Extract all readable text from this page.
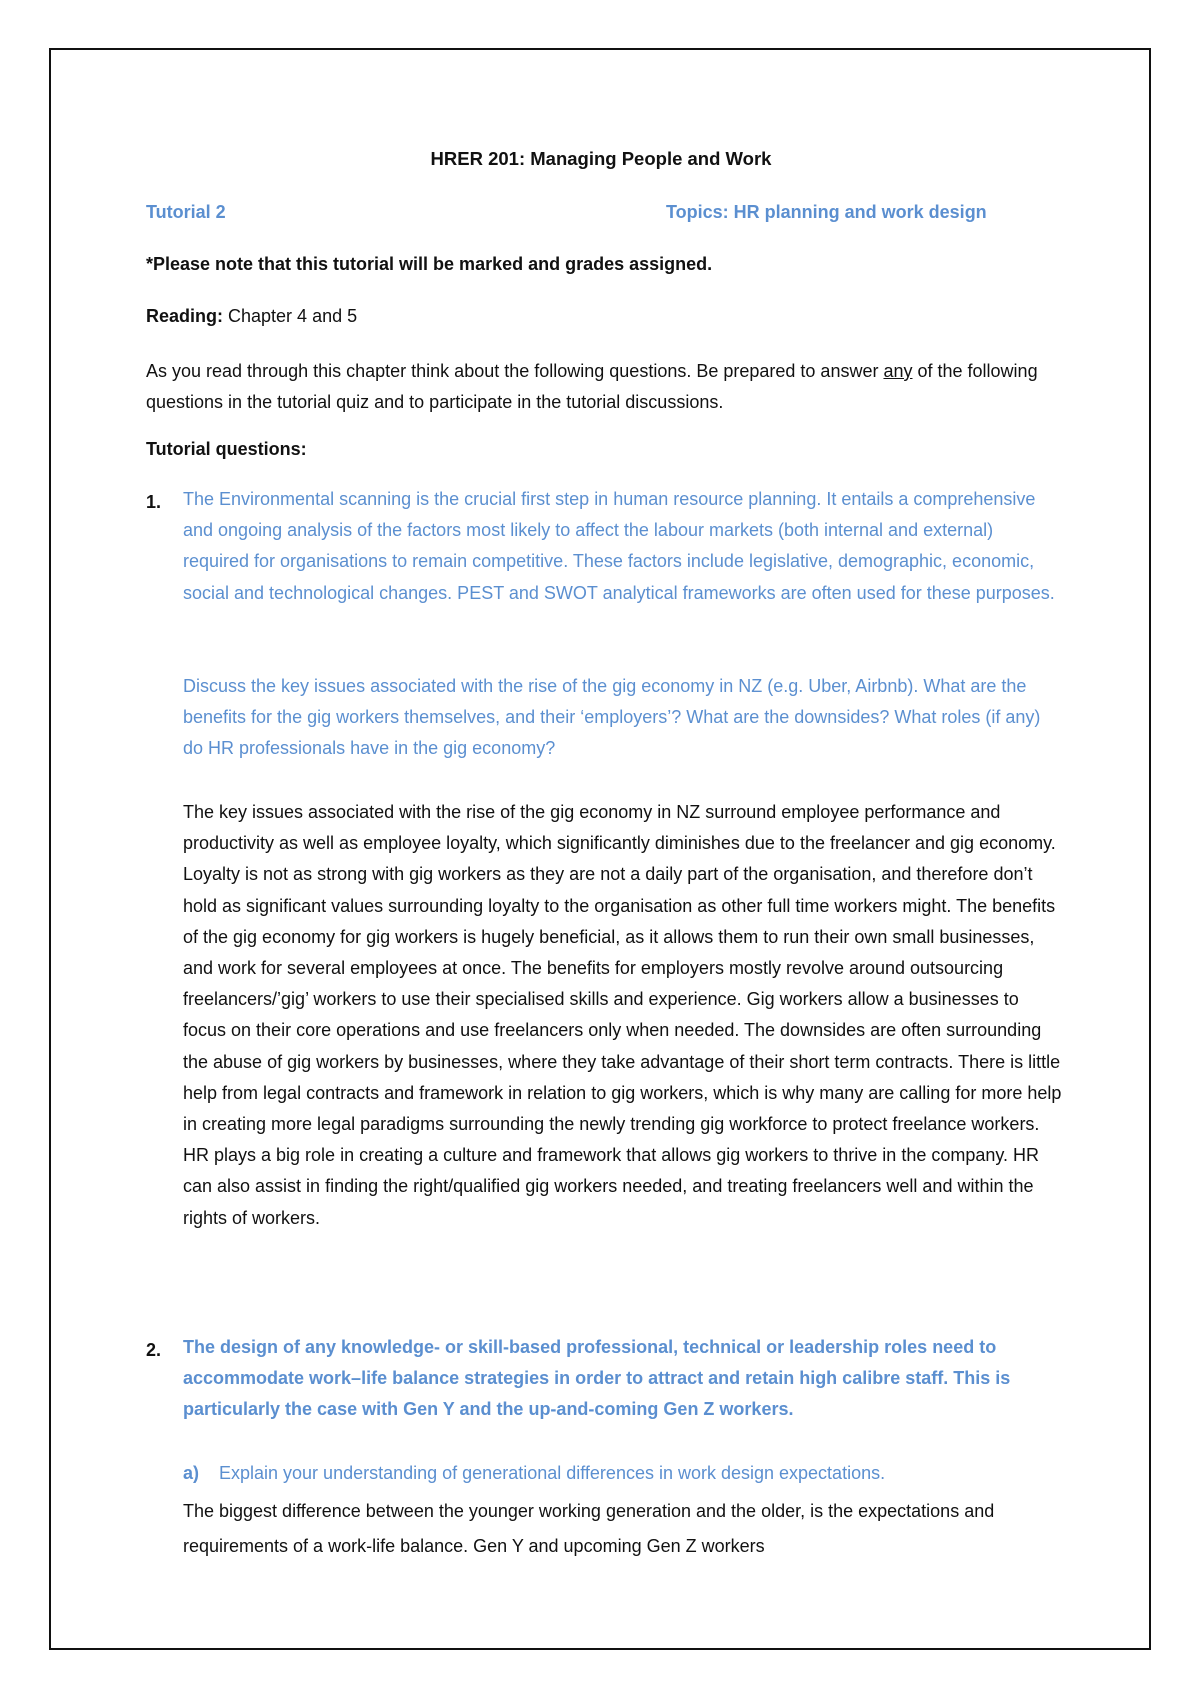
HRER 201: Managing People and Work
Tutorial 2	Topics: HR planning and work design
*Please note that this tutorial will be marked and grades assigned.
Reading: Chapter 4 and 5
As you read through this chapter think about the following questions. Be prepared to answer any of the following questions in the tutorial quiz and to participate in the tutorial discussions.
Tutorial questions:
1. The Environmental scanning is the crucial first step in human resource planning. It entails a comprehensive and ongoing analysis of the factors most likely to affect the labour markets (both internal and external) required for organisations to remain competitive. These factors include legislative, demographic, economic, social and technological changes. PEST and SWOT analytical frameworks are often used for these purposes.
Discuss the key issues associated with the rise of the gig economy in NZ (e.g. Uber, Airbnb). What are the benefits for the gig workers themselves, and their ‘employers’? What are the downsides? What roles (if any) do HR professionals have in the gig economy?
The key issues associated with the rise of the gig economy in NZ surround employee performance and productivity as well as employee loyalty, which significantly diminishes due to the freelancer and gig economy. Loyalty is not as strong with gig workers as they are not a daily part of the organisation, and therefore don’t hold as significant values surrounding loyalty to the organisation as other full time workers might. The benefits of the gig economy for gig workers is hugely beneficial, as it allows them to run their own small businesses, and work for several employees at once. The benefits for employers mostly revolve around outsourcing freelancers/’gig’ workers to use their specialised skills and experience. Gig workers allow a businesses to focus on their core operations and use freelancers only when needed. The downsides are often surrounding the abuse of gig workers by businesses, where they take advantage of their short term contracts. There is little help from legal contracts and framework in relation to gig workers, which is why many are calling for more help in creating more legal paradigms surrounding the newly trending gig workforce to protect freelance workers. HR plays a big role in creating a culture and framework that allows gig workers to thrive in the company. HR can also assist in finding the right/qualified gig workers needed, and treating freelancers well and within the rights of workers.
2. The design of any knowledge- or skill-based professional, technical or leadership roles need to accommodate work–life balance strategies in order to attract and retain high calibre staff. This is particularly the case with Gen Y and the up-and-coming Gen Z workers.
a) Explain your understanding of generational differences in work design expectations.
The biggest difference between the younger working generation and the older, is the expectations and requirements of a work-life balance. Gen Y and upcoming Gen Z workers
